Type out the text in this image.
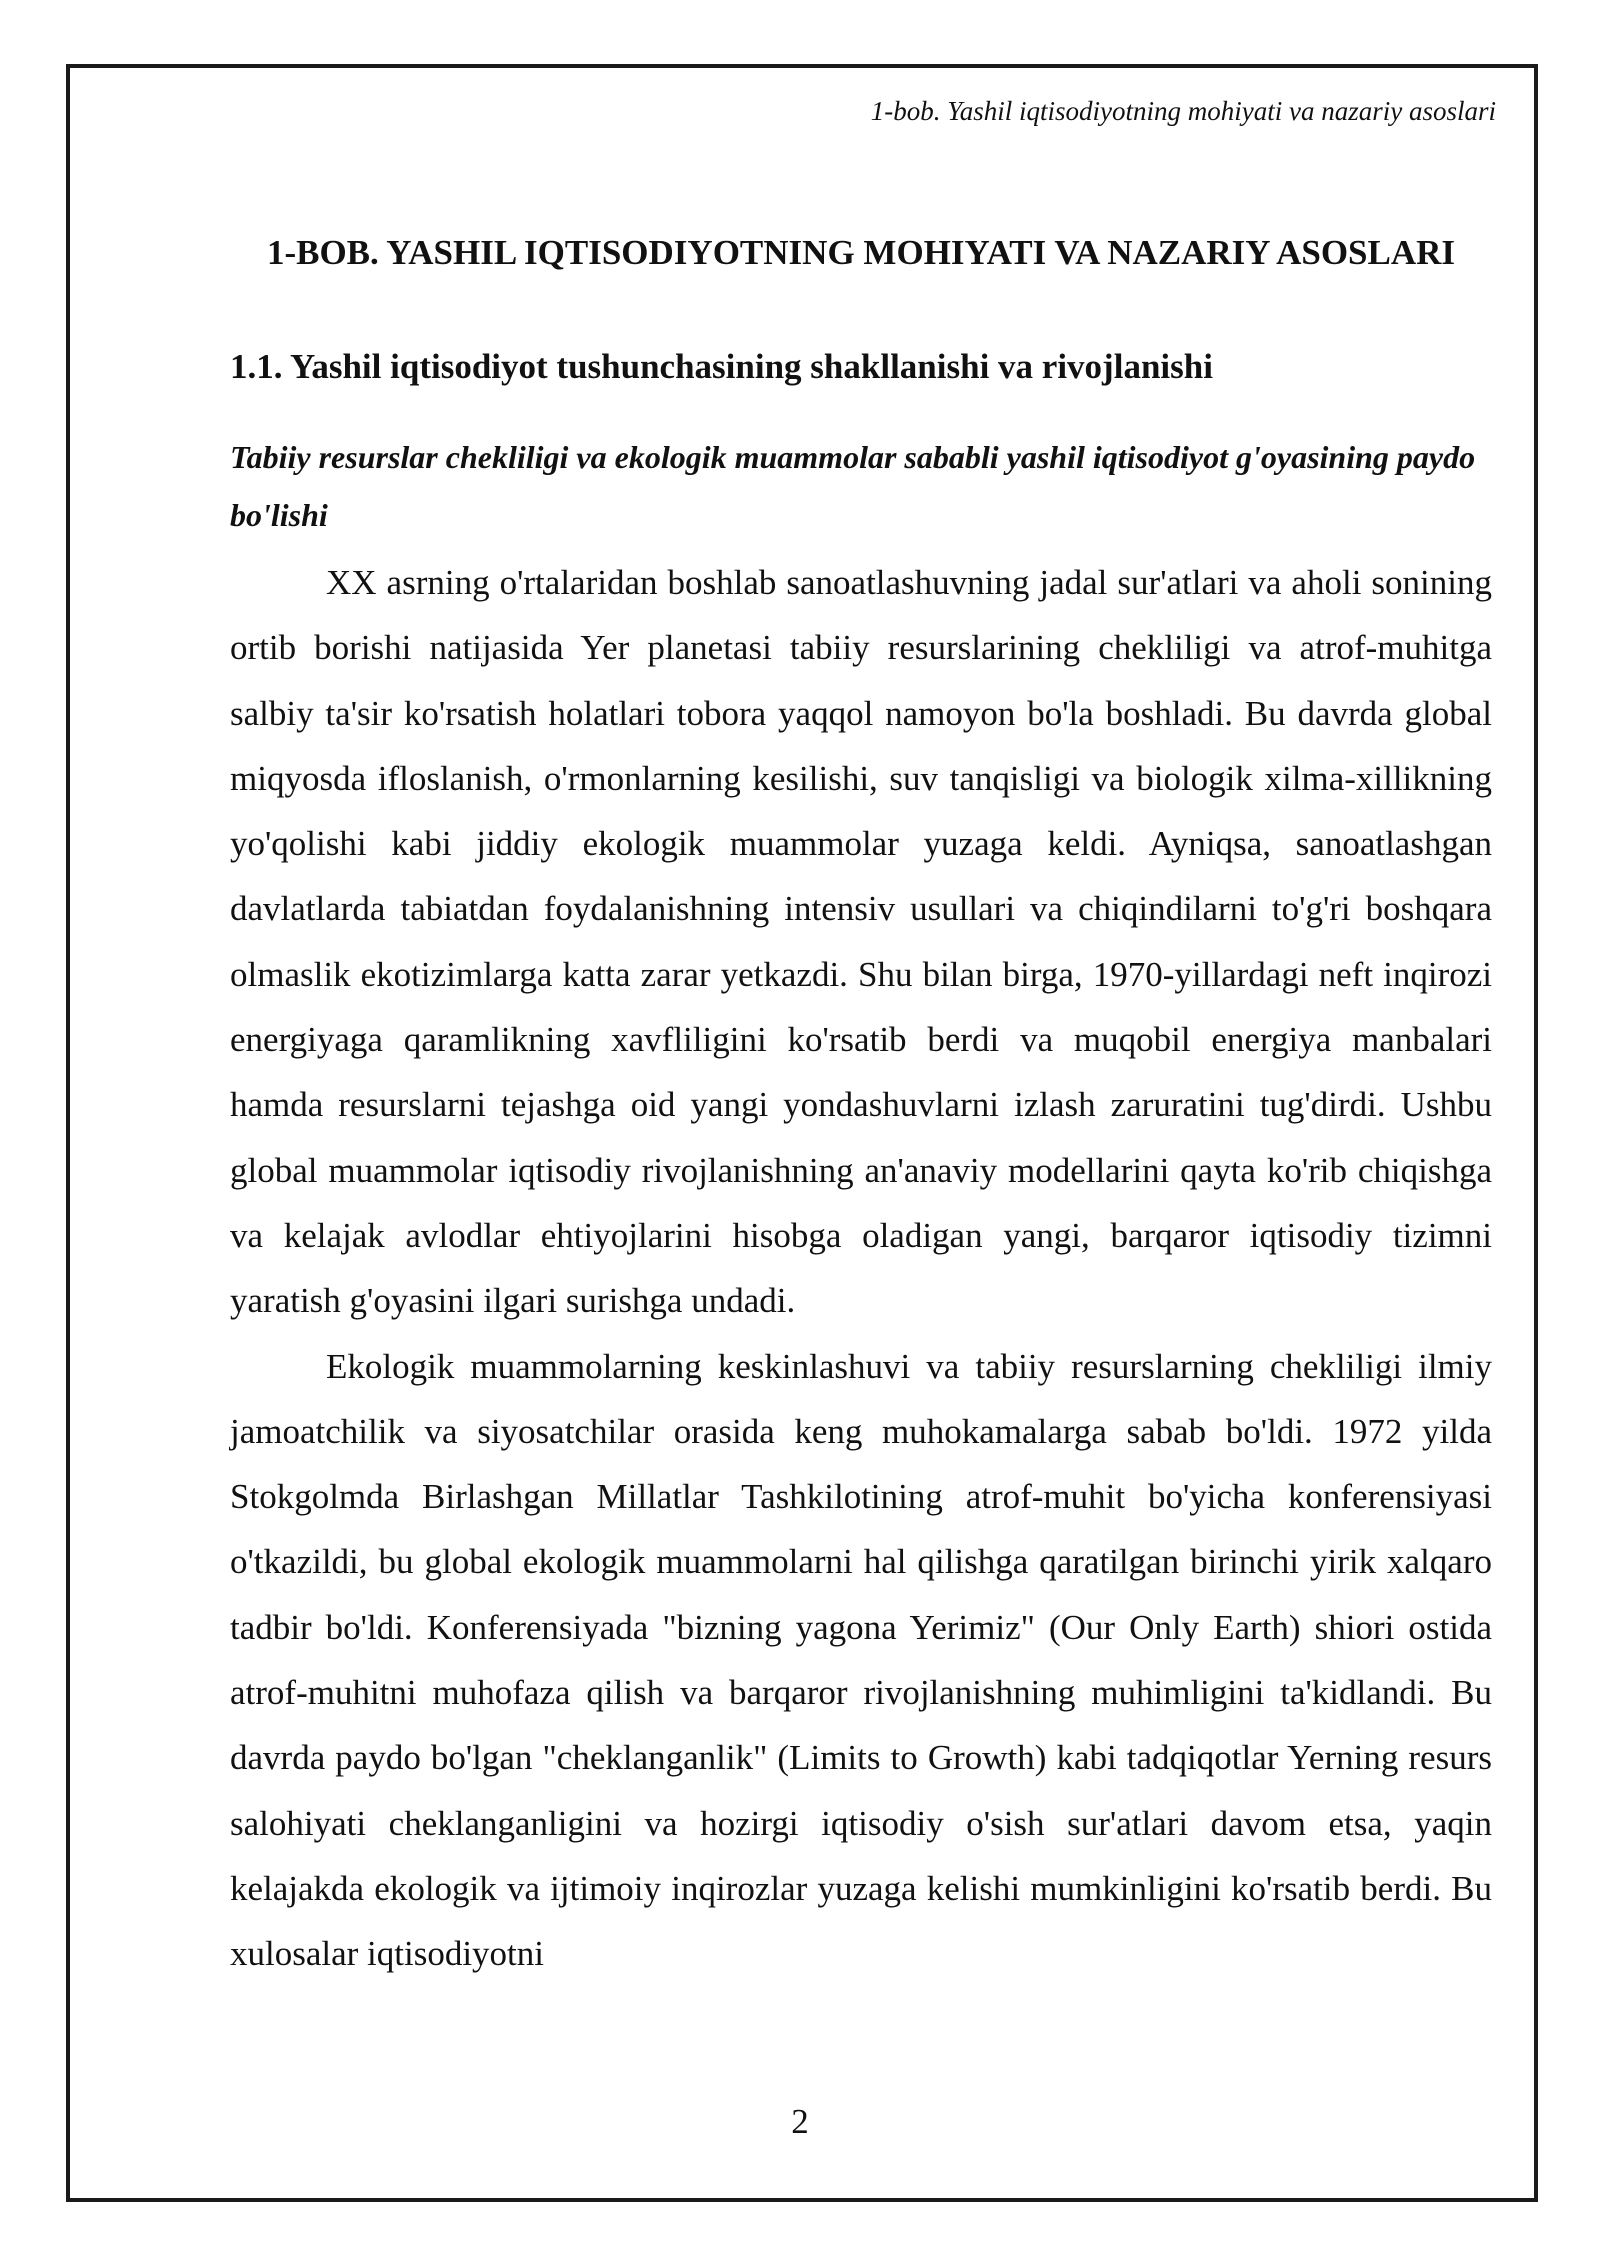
1-bob. Yashil iqtisodiyotning mohiyati va nazariy asoslari
1-BOB. YASHIL IQTISODIYOTNING MOHIYATI VA NAZARIY ASOSLARI
1.1. Yashil iqtisodiyot tushunchasining shakllanishi va rivojlanishi
Tabiiy resurslar chekliligi va ekologik muammolar sababli yashil iqtisodiyot g'oyasining paydo bo'lishi

XX asrning o'rtalaridan boshlab sanoatlashuvning jadal sur'atlari va aholi sonining ortib borishi natijasida Yer planetasi tabiiy resurslarining chekliligi va atrof-muhitga salbiy ta'sir ko'rsatish holatlari tobora yaqqol namoyon bo'la boshladi. Bu davrda global miqyosda ifloslanish, o'rmonlarning kesilishi, suv tanqisligi va biologik xilma-xillikning yo'qolishi kabi jiddiy ekologik muammolar yuzaga keldi. Ayniqsa, sanoatlashgan davlatlarda tabiatdan foydalanishning intensiv usullari va chiqindilarni to'g'ri boshqara olmaslik ekotizimlarga katta zarar yetkazdi. Shu bilan birga, 1970-yillardagi neft inqirozi energiyaga qaramlikning xavfliligini ko'rsatib berdi va muqobil energiya manbalari hamda resurslarni tejashga oid yangi yondashuvlarni izlash zaruratini tug'dirdi. Ushbu global muammolar iqtisodiy rivojlanishning an'anaviy modellarini qayta ko'rib chiqishga va kelajak avlodlar ehtiyojlarini hisobga oladigan yangi, barqaror iqtisodiy tizimni yaratish g'oyasini ilgari surishga undadi.

Ekologik muammolarning keskinlashuvi va tabiiy resurslarning chekliligi ilmiy jamoatchilik va siyosatchilar orasida keng muhokamalarga sabab bo'ldi. 1972 yilda Stokgolmda Birlashgan Millatlar Tashkilotining atrof-muhit bo'yicha konferensiyasi o'tkazildi, bu global ekologik muammolarni hal qilishga qaratilgan birinchi yirik xalqaro tadbir bo'ldi. Konferensiyada "bizning yagona Yerimiz" (Our Only Earth) shiori ostida atrof-muhitni muhofaza qilish va barqaror rivojlanishning muhimligini ta'kidlandi. Bu davrda paydo bo'lgan "cheklanganlik" (Limits to Growth) kabi tadqiqotlar Yerning resurs salohiyati cheklanganligini va hozirgi iqtisodiy o'sish sur'atlari davom etsa, yaqin kelajakda ekologik va ijtimoiy inqirozlar yuzaga kelishi mumkinligini ko'rsatib berdi. Bu xulosalar iqtisodiyotni

2
